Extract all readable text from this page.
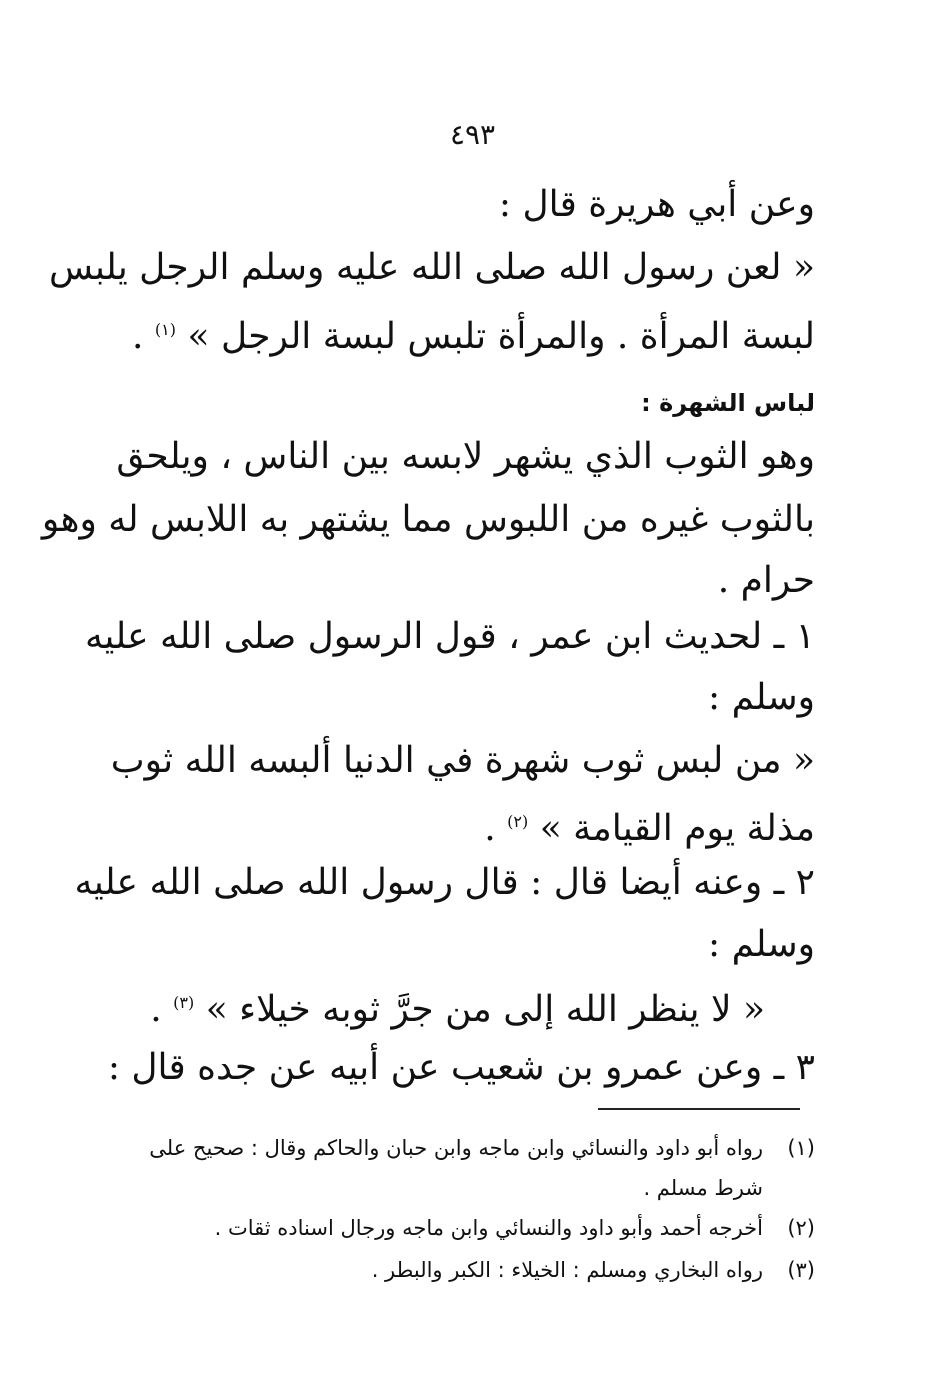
٤٩٣
وعن أبي هريرة قال :
« لعن رسول الله صلى الله عليه وسلم الرجل يلبس
لبسة المرأة . والمرأة تلبس لبسة الرجل » $^{(١)}$ .
لباس الشهرة :
وهو الثوب الذي يشهر لابسه بين الناس ، ويلحق
بالثوب غيره من اللبوس مما يشتهر به اللابس له وهو
حرام .
١ ـ لحديث ابن عمر ، قول الرسول صلى الله عليه
وسلم :
« من لبس ثوب شهرة في الدنيا ألبسه الله ثوب
مذلة يوم القيامة » $^{(٢)}$ .
٢ ـ وعنه أيضا قال : قال رسول الله صلى الله عليه
وسلم :
« لا ينظر الله إلى من جرَّ ثوبه خيلاء » $^{(٣)}$ .
٣ ـ وعن عمرو بن شعيب عن أبيه عن جده قال :
(١)رواه أبو داود والنسائي وابن ماجه وابن حبان والحاكم وقال : صحيح على
شرط مسلم .
(٢)أخرجه أحمد وأبو داود والنسائي وابن ماجه ورجال اسناده ثقات .
(٣)رواه البخاري ومسلم : الخيلاء : الكبر والبطر .
